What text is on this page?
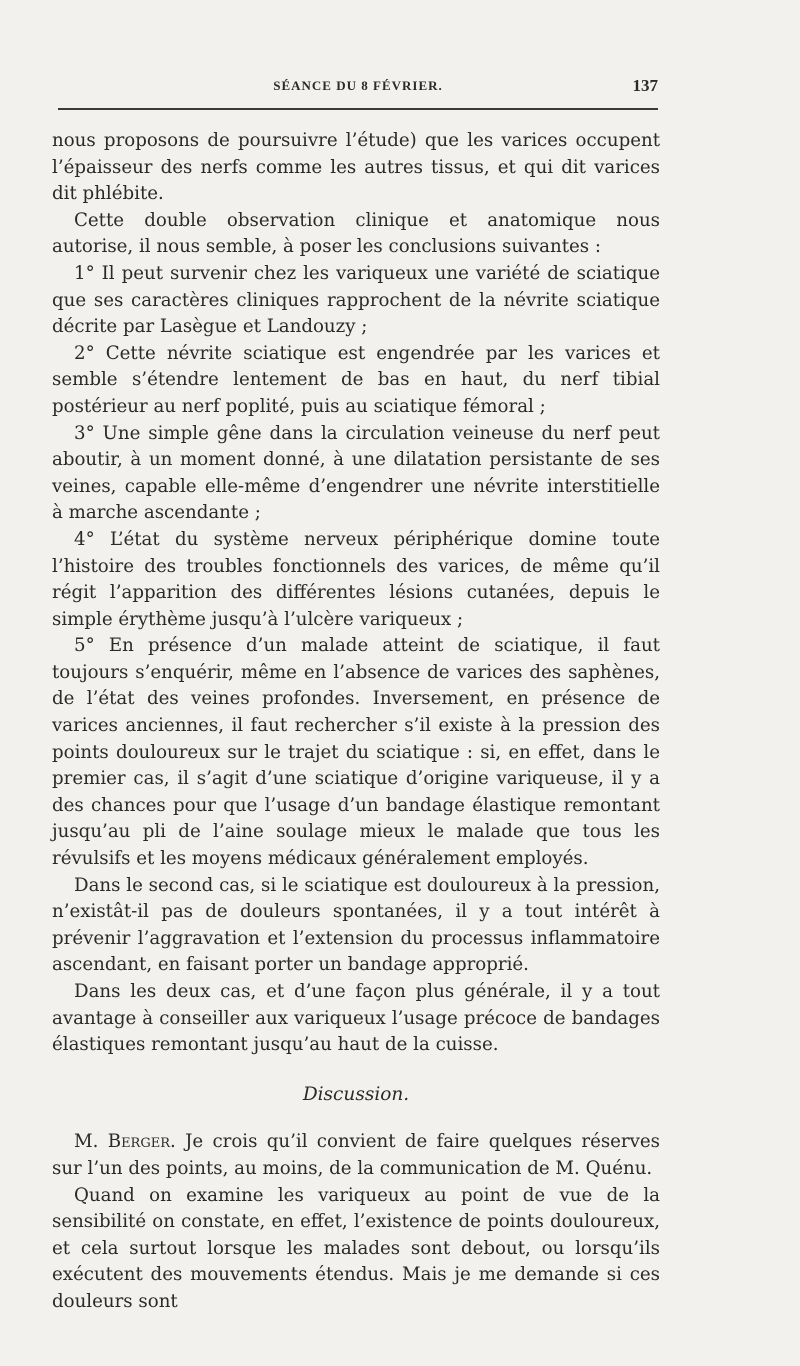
SÉANCE DU 8 FÉVRIER.	137

nous proposons de poursuivre l’étude) que les varices occupent l’épaisseur des nerfs comme les autres tissus, et qui dit varices dit phlébite.

Cette double observation clinique et anatomique nous autorise, il nous semble, à poser les conclusions suivantes :

1° Il peut survenir chez les variqueux une variété de sciatique que ses caractères cliniques rapprochent de la névrite sciatique décrite par Lasègue et Landouzy ;

2° Cette névrite sciatique est engendrée par les varices et semble s’étendre lentement de bas en haut, du nerf tibial postérieur au nerf poplité, puis au sciatique fémoral ;

3° Une simple gêne dans la circulation veineuse du nerf peut aboutir, à un moment donné, à une dilatation persistante de ses veines, capable elle-même d’engendrer une névrite interstitielle à marche ascendante ;

4° L’état du système nerveux périphérique domine toute l’histoire des troubles fonctionnels des varices, de même qu’il régit l’apparition des différentes lésions cutanées, depuis le simple érythème jusqu’à l’ulcère variqueux ;

5° En présence d’un malade atteint de sciatique, il faut toujours s’enquérir, même en l’absence de varices des saphènes, de l’état des veines profondes. Inversement, en présence de varices anciennes, il faut rechercher s’il existe à la pression des points douloureux sur le trajet du sciatique : si, en effet, dans le premier cas, il s’agit d’une sciatique d’origine variqueuse, il y a des chances pour que l’usage d’un bandage élastique remontant jusqu’au pli de l’aine soulage mieux le malade que tous les révulsifs et les moyens médicaux généralement employés.

Dans le second cas, si le sciatique est douloureux à la pression, n’existât-il pas de douleurs spontanées, il y a tout intérêt à prévenir l’aggravation et l’extension du processus inflammatoire ascendant, en faisant porter un bandage approprié.

Dans les deux cas, et d’une façon plus générale, il y a tout avantage à conseiller aux variqueux l’usage précoce de bandages élastiques remontant jusqu’au haut de la cuisse.

Discussion.

M. Berger. Je crois qu’il convient de faire quelques réserves sur l’un des points, au moins, de la communication de M. Quénu.

Quand on examine les variqueux au point de vue de la sensibilité on constate, en effet, l’existence de points douloureux, et cela surtout lorsque les malades sont debout, ou lorsqu’ils exécutent des mouvements étendus. Mais je me demande si ces douleurs sont
